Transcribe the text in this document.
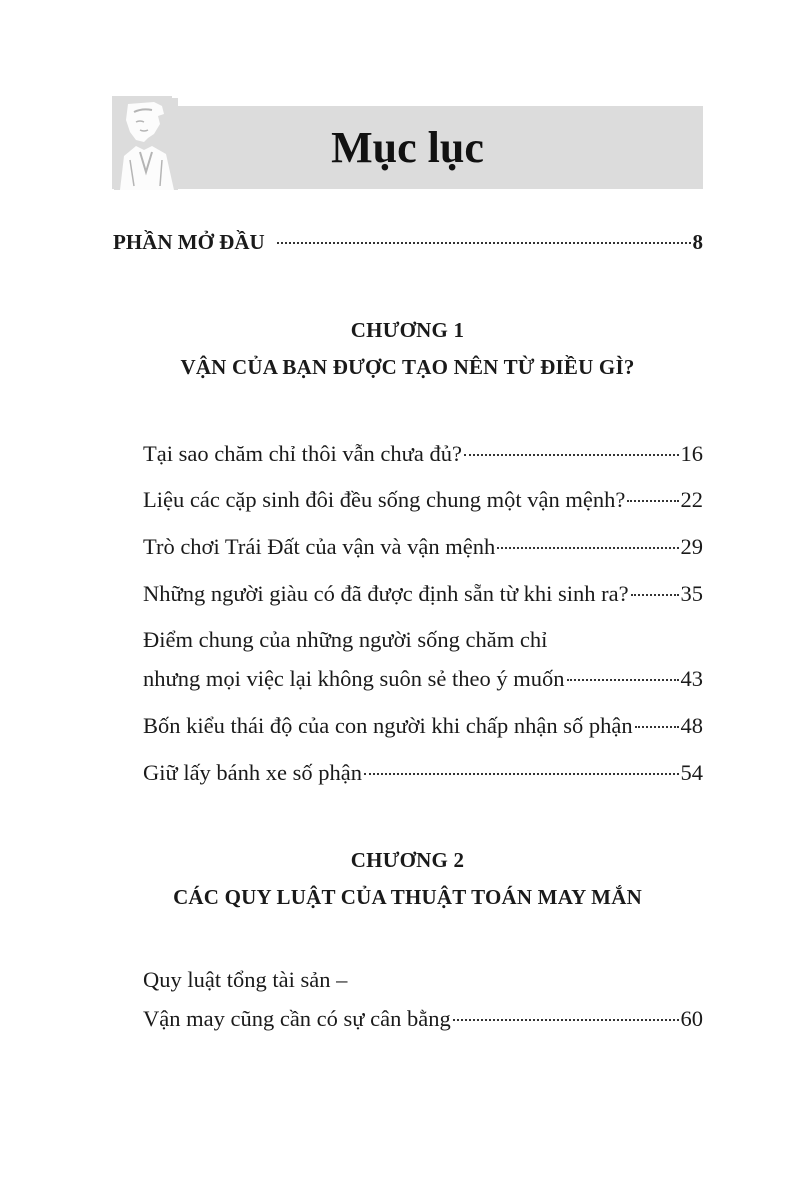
Mục lục
PHẦN MỞ ĐẦU	8
CHƯƠNG 1
VẬN CỦA BẠN ĐƯỢC TẠO NÊN TỪ ĐIỀU GÌ?
Tại sao chăm chỉ thôi vẫn chưa đủ?	16
Liệu các cặp sinh đôi đều sống chung một vận mệnh? 22
Trò chơi Trái Đất của vận và vận mệnh	29
Những người giàu có đã được định sẵn từ khi sinh ra? 35
Điểm chung của những người sống chăm chỉ
nhưng mọi việc lại không suôn sẻ theo ý muốn	43
Bốn kiểu thái độ của con người khi chấp nhận số phận 48
Giữ lấy bánh xe số phận	54
CHƯƠNG 2
CÁC QUY LUẬT CỦA THUẬT TOÁN MAY MẮN
Quy luật tổng tài sản –
Vận may cũng cần có sự cân bằng	60
